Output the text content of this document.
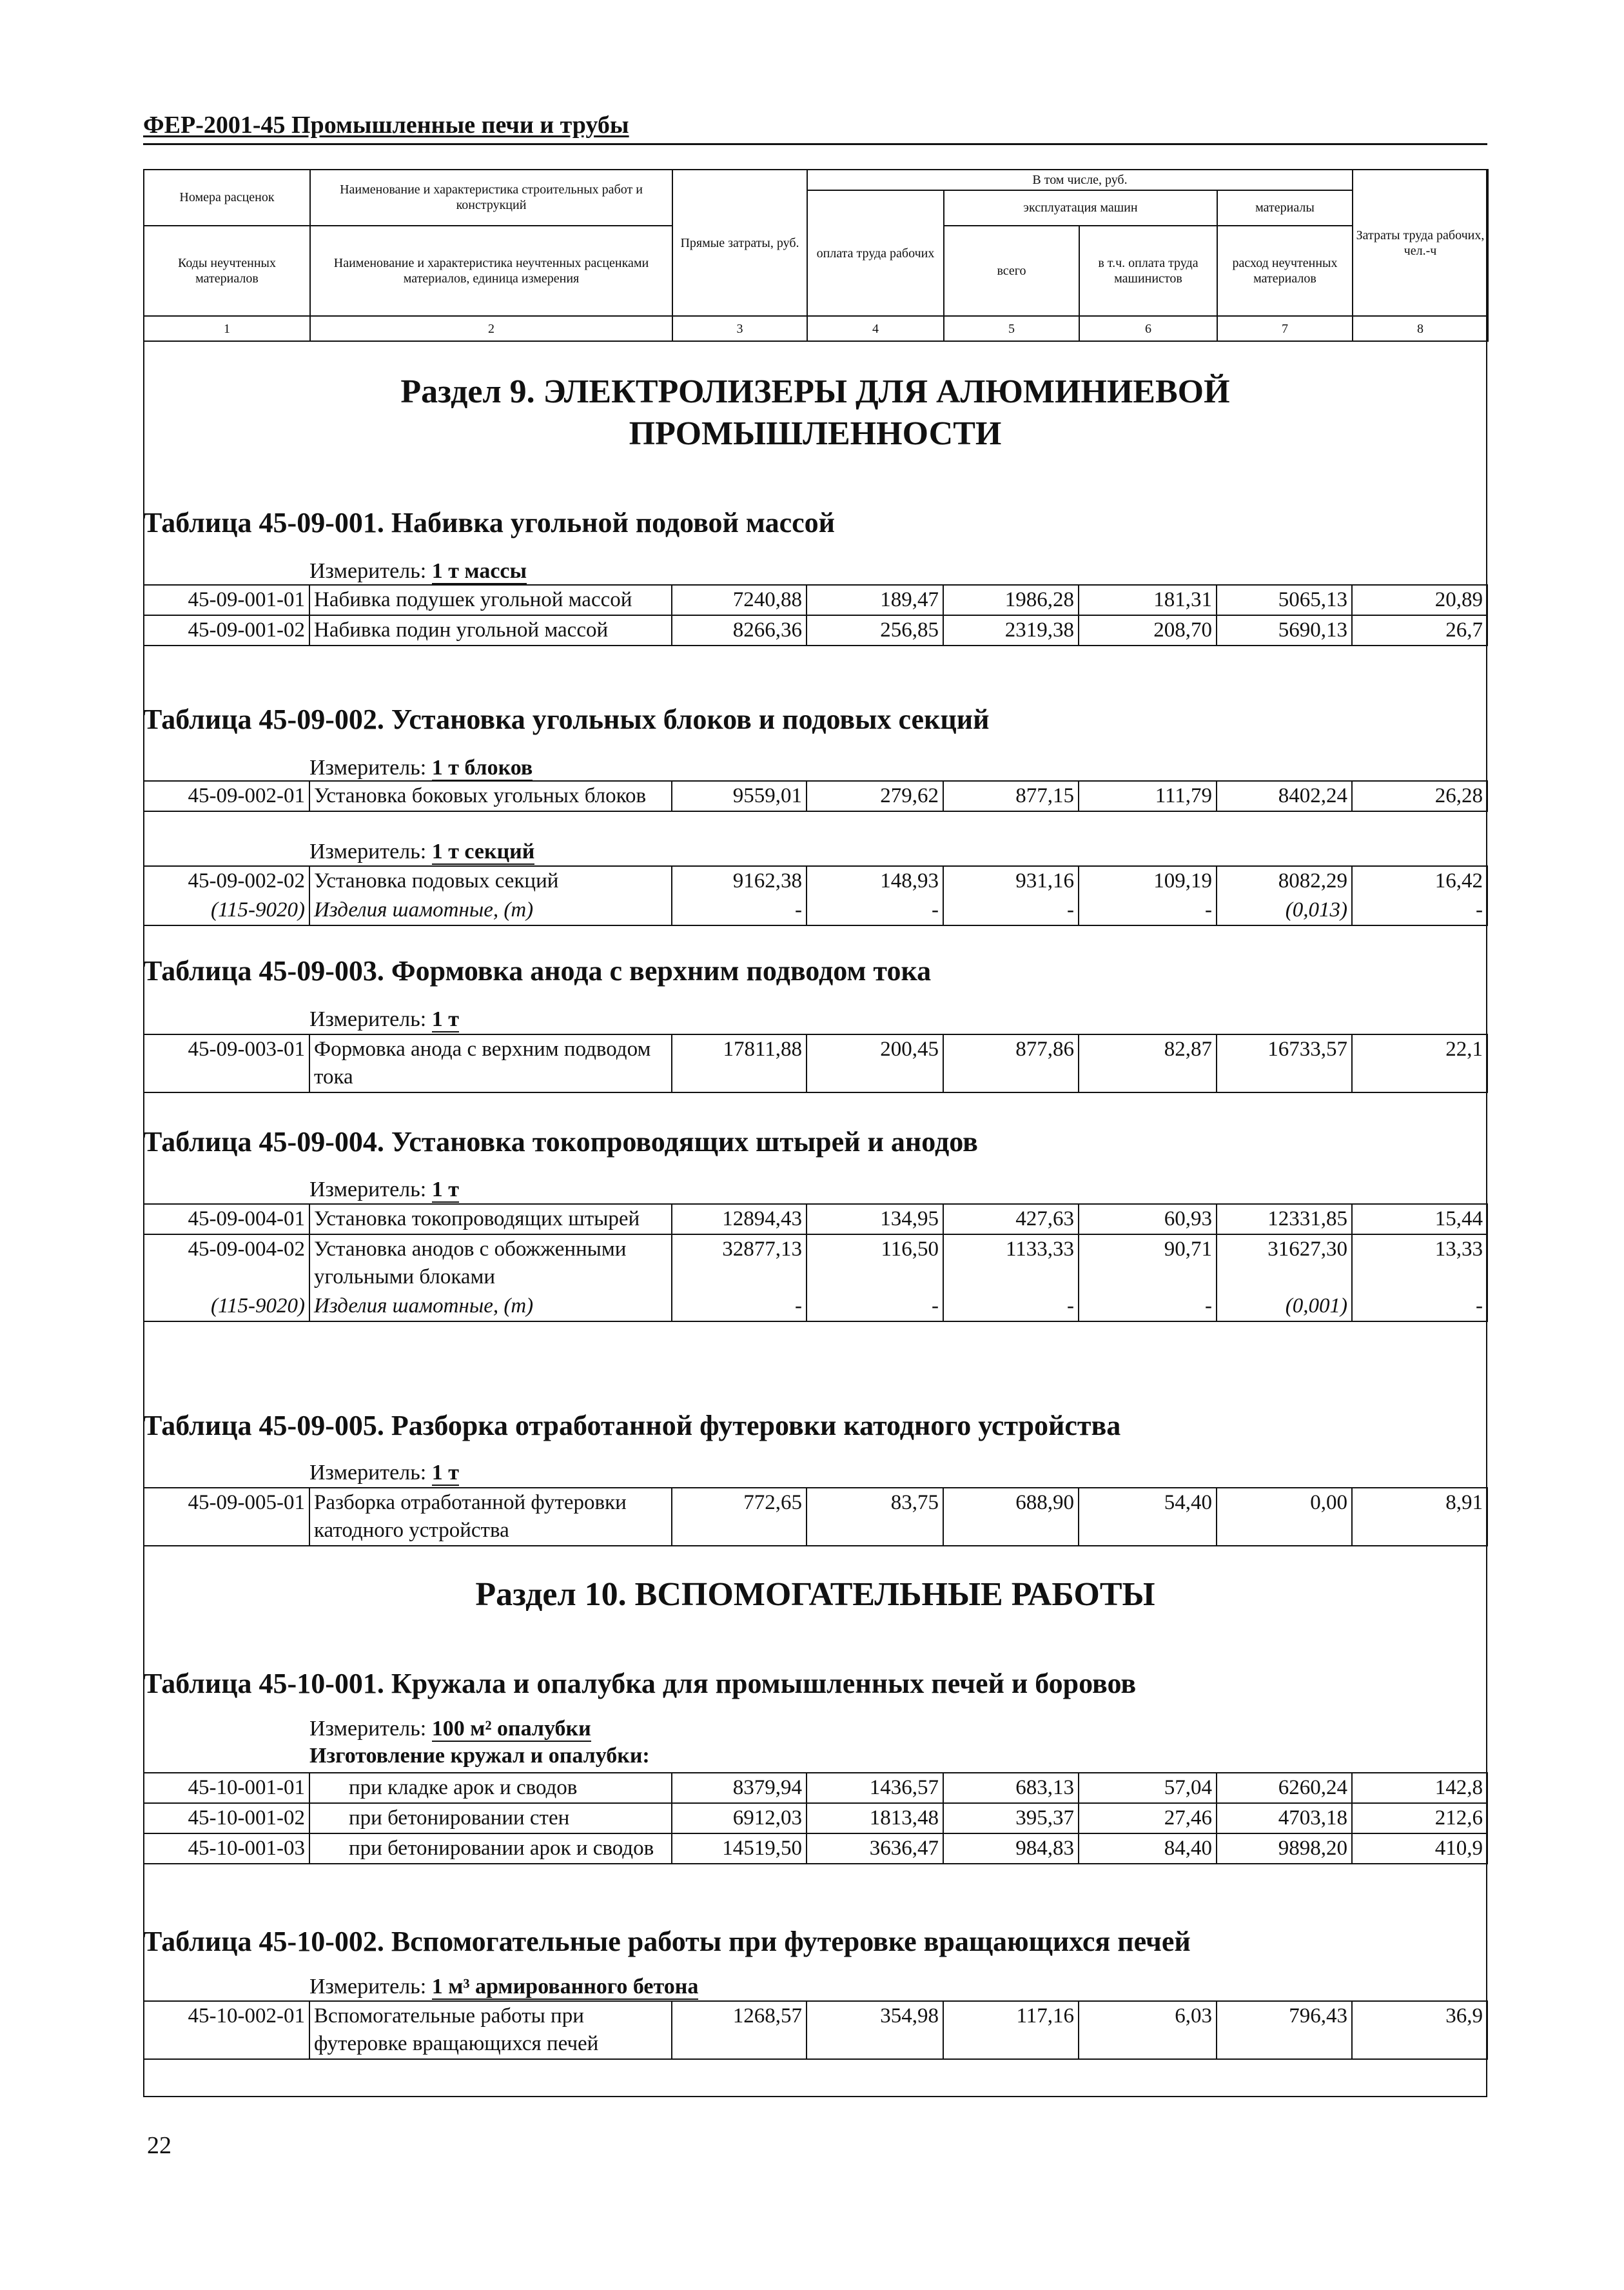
ФЕР-2001-45 Промышленные печи и трубы
Номера расценок	Наименование и характеристика строительных работ и конструкций	Прямые затраты, руб.	В том числе, руб.				Затраты труда рабочих, чел.-ч
			оплата труда рабочих	эксплуатация машин		материалы	
Коды неучтенных материалов	Наименование и характеристика неучтенных расценками материалов, единица измерения			всего	в т.ч. оплата труда машинистов	расход неучтенных материалов	

1	2	3	4	5	6	7	8
Раздел 9. ЭЛЕКТРОЛИЗЕРЫ ДЛЯ АЛЮМИНИЕВОЙ ПРОМЫШЛЕННОСТИ
Таблица 45-09-001. Набивка угольной подовой массой
Измеритель: 1 т массы
45-09-001-01	Набивка подушек угольной массой	7240,88	189,47	1986,28	181,31	5065,13	20,89
45-09-001-02	Набивка подин угольной массой	8266,36	256,85	2319,38	208,70	5690,13	26,7
Таблица 45-09-002. Установка угольных блоков и подовых секций
Измеритель: 1 т блоков
45-09-002-01	Установка боковых угольных блоков	9559,01	279,62	877,15	111,79	8402,24	26,28
Измеритель: 1 т секций
45-09-002-02	Установка подовых секций	9162,38	148,93	931,16	109,19	8082,29	16,42
(115-9020)	Изделия шамотные, (т)	-	-	-	-	(0,013)	-
Таблица 45-09-003. Формовка анода с верхним подводом тока
Измеритель: 1 т
45-09-003-01	Формовка анода с верхним подводом тока	17811,88	200,45	877,86	82,87	16733,57	22,1
Таблица 45-09-004. Установка токопроводящих штырей и анодов
Измеритель: 1 т
45-09-004-01	Установка токопроводящих штырей	12894,43	134,95	427,63	60,93	12331,85	15,44
45-09-004-02	Установка анодов с обожженными угольными блоками	32877,13	116,50	1133,33	90,71	31627,30	13,33
(115-9020)	Изделия шамотные, (т)	-	-	-	-	(0,001)	-
Таблица 45-09-005. Разборка отработанной футеровки катодного устройства
Измеритель: 1 т
45-09-005-01	Разборка отработанной футеровки катодного устройства	772,65	83,75	688,90	54,40	0,00	8,91
Раздел 10. ВСПОМОГАТЕЛЬНЫЕ РАБОТЫ
Таблица 45-10-001. Кружала и опалубка для промышленных печей и боровов
Измеритель: 100 м² опалубки
Изготовление кружал и опалубки:
45-10-001-01	при кладке арок и сводов	8379,94	1436,57	683,13	57,04	6260,24	142,8
45-10-001-02	при бетонировании стен	6912,03	1813,48	395,37	27,46	4703,18	212,6
45-10-001-03	при бетонировании арок и сводов	14519,50	3636,47	984,83	84,40	9898,20	410,9
Таблица 45-10-002. Вспомогательные работы при футеровке вращающихся печей
Измеритель: 1 м³ армированного бетона
45-10-002-01	Вспомогательные работы при футеровке вращающихся печей	1268,57	354,98	117,16	6,03	796,43	36,9
22
